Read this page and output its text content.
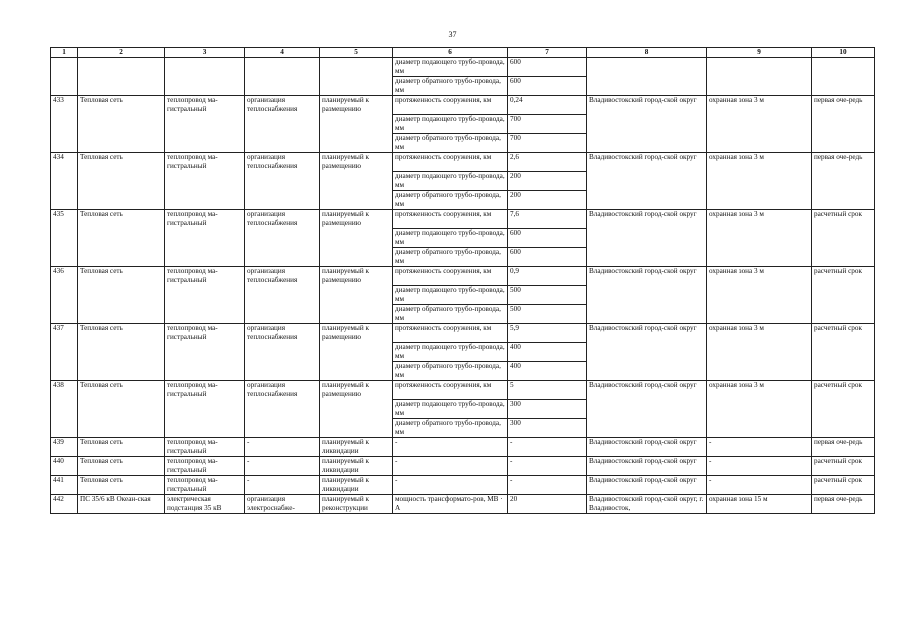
37
1	2	3	4	5	6	7	8	9	10
					диаметр подающего трубо-провода, мм	600			
					диаметр обратного трубо-провода, мм	600			
433	Тепловая сеть	теплопровод ма-гистральный	организация теплоснабжения	планируемый к размещению	протяженность сооружения, км	0,24	Владивостокский город-ской округ	охранная зона 3 м	первая оче-редь
					диаметр подающего трубо-провода, мм	700			
					диаметр обратного трубо-провода, мм	700			
434	Тепловая сеть	теплопровод ма-гистральный	организация теплоснабжения	планируемый к размещению	протяженность сооружения, км	2,6	Владивостокский город-ской округ	охранная зона 3 м	первая оче-редь
					диаметр подающего трубо-провода, мм	200			
					диаметр обратного трубо-провода, мм	200			
435	Тепловая сеть	теплопровод ма-гистральный	организация теплоснабжения	планируемый к размещению	протяженность сооружения, км	7,6	Владивостокский город-ской округ	охранная зона 3 м	расчетный срок
					диаметр подающего трубо-провода, мм	600			
					диаметр обратного трубо-провода, мм	600			
436	Тепловая сеть	теплопровод ма-гистральный	организация теплоснабжения	планируемый к размещению	протяженность сооружения, км	0,9	Владивостокский город-ской округ	охранная зона 3 м	расчетный срок
					диаметр подающего трубо-провода, мм	500			
					диаметр обратного трубо-провода, мм	500			
437	Тепловая сеть	теплопровод ма-гистральный	организация теплоснабжения	планируемый к размещению	протяженность сооружения, км	5,9	Владивостокский город-ской округ	охранная зона 3 м	расчетный срок
					диаметр подающего трубо-провода, мм	400			
					диаметр обратного трубо-провода, мм	400			
438	Тепловая сеть	теплопровод ма-гистральный	организация теплоснабжения	планируемый к размещению	протяженность сооружения, км	5	Владивостокский город-ской округ	охранная зона 3 м	расчетный срок
					диаметр подающего трубо-провода, мм	300			
					диаметр обратного трубо-провода, мм	300			
439	Тепловая сеть	теплопровод ма-гистральный	-	планируемый к ликвидации	-	-	Владивостокский город-ской округ	-	первая оче-редь
440	Тепловая сеть	теплопровод ма-гистральный	-	планируемый к ликвидации	-	-	Владивостокский город-ской округ	-	расчетный срок
441	Тепловая сеть	теплопровод ма-гистральный	-	планируемый к ликвидации	-	-	Владивостокский город-ской округ	-	расчетный срок
442	ПС 35/6 кВ Океан-ская	электрическая подстанция 35 кВ	организация электроснабже-	планируемый к реконструкции	мощность трансформато-ров, МВ · А	20	Владивостокский город-ской округ, г. Владивосток,	охранная зона 15 м	первая оче-редь
